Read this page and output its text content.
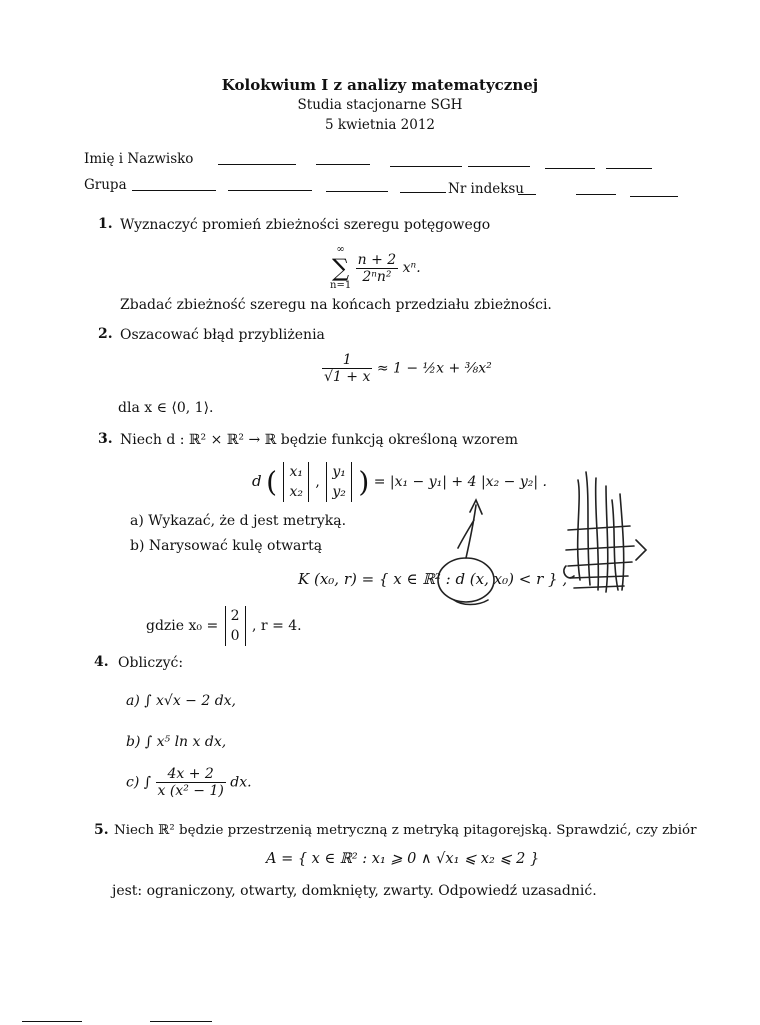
Kolokwium I z analizy matematycznej
Studia stacjonarne SGH
5 kwietnia 2012
Imię i Nazwisko
Grupa	Nr indeksu
1. Wyznaczyć promień zbieżności szeregu potęgowego
∞
∑
n=1

$\frac{n + 2}{\text{2ⁿn²}} x^n$.
Zbadać zbieżność szeregu na końcach przedziału zbieżności.
2. Oszacować błąd przybliżenia
$\frac{1}{√1 + x} \approx 1$ − ½x + ⅜x²
dla x ∈ ⟨0, 1⟩.
3. Niech d : ℝ² × ℝ² → ℝ będzie funkcją określoną wzorem
d ( x₁
x₂
,
y₁
y₂ ) = |x₁ − y₁| + 4 |x₂ − y₂| .
a) Wykazać, że d jest metryką.
b) Narysować kulę otwartą
K (x₀, r) = { x ∈ ℝ² : d (x, x₀) < r } ,
gdzie x₀ =
2
0
, r = 4.
4. Obliczyć:
a) ∫ x√x − 2 dx,
b) ∫ x⁵ ln x dx,
c) ∫ $\frac{4x + 2}{\text{x (x² − 1)}}$ dx.
5. Niech ℝ² będzie przestrzenią metryczną z metryką pitagorejską. Sprawdzić, czy zbiór
A = { x ∈ ℝ² : x₁ ⩾ 0 ∧ √x₁ ⩽ x₂ ⩽ 2 }
jest: ograniczony, otwarty, domknięty, zwarty. Odpowiedź uzasadnić.
